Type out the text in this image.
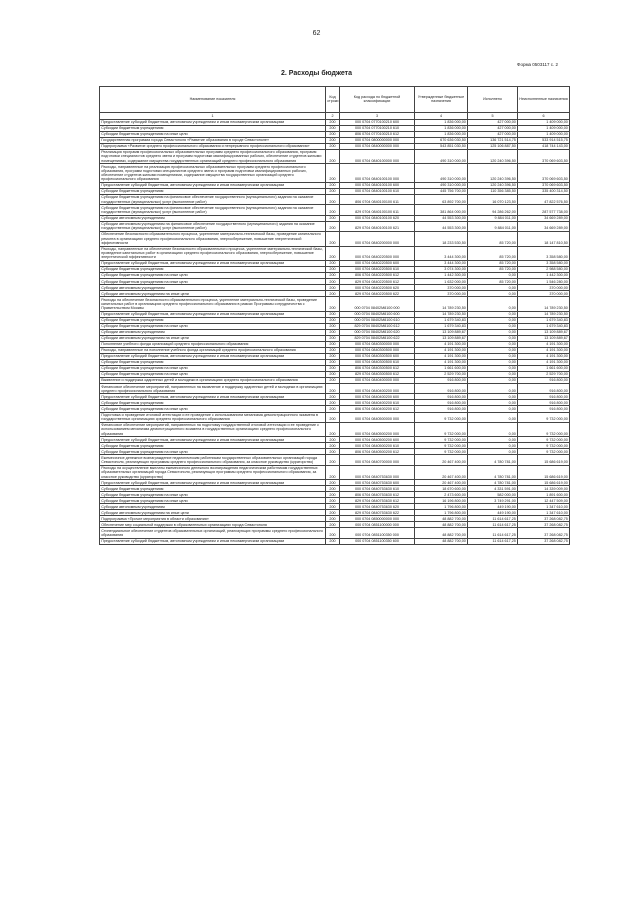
62
Форма 0503117 с. 2
2. Расходы бюджета
Наименование показателя	Код строки	Код расхода по бюджетной классификации	Утвержденные бюджетные назначения	Исполнено	Неисполненные назначения
1	2	3	4	5	6
Предоставление субсидий бюджетным, автономным учреждениям и иным некоммерческим организациям	200	000 0704 0770100210 600	1 836 000,00	427 000,00	1 409 000,00
Субсидии бюджетным учреждениям	200	000 0704 0770100210 610	1 836 000,00	427 000,00	1 409 000,00
Субсидии бюджетным учреждениям на иные цели	200	806 0704 0770100210 612	1 836 000,00	427 000,00	1 409 000,00
Государственная программа города Севастополя «Развитие образования в городе Севастополе»	200	000 0704 0800000000 000	670 636 030,50	136 721 514,75	533 914 515,75
Подпрограмма «Развитие среднего профессионального образования и непрерывного профессионального образования»	200	000 0704 0840000000 000	543 851 030,50	125 106 887,50	418 744 143,00
Реализация программ профессиональных образовательных программ среднего профессионального образования, программ подготовки специалистов среднего звена и программ подготовки квалифицированных рабочих, обеспечение студентов жилыми помещениями, содержание имущества государственных организаций среднего профессионального образования	200	000 0704 0840100000 000	490 310 000,00	120 240 396,50	370 069 603,50
Расходы, направленные на реализацию профессиональных образовательных программ среднего профессионального образования, программ подготовки специалистов среднего звена и программ подготовки квалифицированных рабочих, обеспечение студентов жилыми помещениями, содержание имущества государственных организаций среднего профессионального образования	200	000 0704 0840100100 000	490 310 000,00	120 240 396,50	370 069 603,50
Предоставление субсидий бюджетным, автономным учреждениям и иным некоммерческим организациям	200	000 0704 0840100100 600	490 310 000,00	120 240 396,50	370 069 603,50
Субсидии бюджетным учреждениям	200	000 0704 0840100100 610	445 756 700,00	110 356 385,50	335 400 314,50
Субсидии бюджетным учреждениям на финансовое обеспечение государственного (муниципального) задания на оказание государственных (муниципальных) услуг (выполнение работ)	200	806 0704 0840100100 611	63 892 700,00	16 070 123,50	47 822 576,50
Субсидии бюджетным учреждениям на финансовое обеспечение государственного (муниципального) задания на оказание государственных (муниципальных) услуг (выполнение работ)	200	829 0704 0840100100 611	381 864 000,00	94 286 262,00	287 577 738,00
Субсидии автономным учреждениям	200	000 0704 0840100100 620	44 553 300,00	9 884 011,00	34 669 289,00
Субсидии автономным учреждениям на финансовое обеспечение государственного (муниципального) задания на оказание государственных (муниципальных) услуг (выполнение работ)	200	829 0704 0840100100 621	44 553 300,00	9 884 011,00	34 669 289,00
Обеспечение безопасности образовательного процесса, укрепление материально-технической базы, проведение капитального ремонта в организациях среднего профессионального образования, энергосбережение, повышение энергетической эффективности	200	000 0704 0840200000 000	18 233 530,50	85 720,00	18 147 810,50
Расходы, направленные на обеспечение безопасности образовательного процесса, укрепление материально-технической базы, проведение капитальных работ в организациях среднего профессионального образования, энергосбережение, повышение энергетической эффективности	200	000 0704 0840220500 000	3 444 300,00	85 720,00	3 358 580,00
Предоставление субсидий бюджетным, автономным учреждениям и иным некоммерческим организациям	200	000 0704 0840220500 600	3 444 300,00	85 720,00	3 358 580,00
Субсидии бюджетным учреждениям	200	000 0704 0840220500 610	3 074 300,00	85 720,00	2 988 580,00
Субсидии бюджетным учреждениям на иные цели	200	806 0704 0840220500 612	1 442 300,00	0,00	1 442 300,00
Субсидии бюджетным учреждениям на иные цели	200	829 0704 0840220500 612	1 632 000,00	85 720,00	1 546 280,00
Субсидии автономным учреждениям	200	000 0704 0840220500 620	370 000,00	0,00	370 000,00
Субсидии автономным учреждениям на иные цели	200	829 0704 0840220500 622	370 000,00	0,00	370 000,00
Расходы на обеспечение безопасности образовательного процесса, укрепление материально-технической базы, проведение капитальных работ в организациях среднего профессионального образования в рамках Программы сотрудничества с Правительством Москвы	200	000 0704 08402М8100 000	14 789 230,50	0,00	14 789 230,50
Предоставление субсидий бюджетным, автономным учреждениям и иным некоммерческим организациям	200	000 0704 08402М8100 600	14 789 230,50	0,00	14 789 230,50
Субсидии бюджетным учреждениям	200	000 0704 08402М8100 610	1 679 340,83	0,00	1 679 340,83
Субсидии бюджетным учреждениям на иные цели	200	829 0704 08402М8100 612	1 679 340,83	0,00	1 679 340,83
Субсидии автономным учреждениям	200	000 0704 08402М8100 620	13 109 889,67	0,00	13 109 889,67
Субсидии автономным учреждениям на иные цели	200	829 0704 08402М8100 622	13 109 889,67	0,00	13 109 889,67
Пополнение учебного фонда организаций среднего профессионального образования	200	000 0704 0840300000 000	4 191 300,00	0,00	4 191 300,00
Расходы, направленные на пополнение учебного фонда организаций среднего профессионального образования	200	000 0704 0840300500 000	4 191 300,00	0,00	4 191 300,00
Предоставление субсидий бюджетным, автономным учреждениям и иным некоммерческим организациям	200	000 0704 0840300500 600	4 191 300,00	0,00	4 191 300,00
Субсидии бюджетным учреждениям	200	000 0704 0840300500 610	4 191 300,00	0,00	4 191 300,00
Субсидии бюджетным учреждениям на иные цели	200	806 0704 0840300500 612	1 661 600,00	0,00	1 661 600,00
Субсидии бюджетным учреждениям на иные цели	200	829 0704 0840300500 612	2 529 700,00	0,00	2 529 700,00
Выявление и поддержка одаренных детей и молодежи в организациях среднего профессионального образования	200	000 0704 0840400000 000	916 800,00	0,00	916 800,00
Финансовое обеспечение мероприятий, направленных на выявление и поддержку одаренных детей и молодежи в организациях среднего профессионального образования	200	000 0704 0840400200 000	916 800,00	0,00	916 800,00
Предоставление субсидий бюджетным, автономным учреждениям и иным некоммерческим организациям	200	000 0704 0840400200 600	916 800,00	0,00	916 800,00
Субсидии бюджетным учреждениям	200	000 0704 0840400200 610	916 800,00	0,00	916 800,00
Субсидии бюджетным учреждениям на иные цели	200	806 0704 0840400200 612	916 800,00	0,00	916 800,00
Подготовка и проведение итоговой аттестации и ее проведение с использованием механизма демонстрационного экзамена в государственных организациях среднего профессионального образования	200	000 0704 0840500000 000	9 732 000,00	0,00	9 732 000,00
Финансовое обеспечение мероприятий, направленных на подготовку государственной итоговой аттестации и ее проведение с использованием механизма демонстрационного экзамена в государственных организациях среднего профессионального образования	200	000 0704 0840500200 000	9 732 000,00	0,00	9 732 000,00
Предоставление субсидий бюджетным, автономным учреждениям и иным некоммерческим организациям	200	000 0704 0840500200 600	9 732 000,00	0,00	9 732 000,00
Субсидии бюджетным учреждениям	200	000 0704 0840500200 610	9 732 000,00	0,00	9 732 000,00
Субсидии бюджетным учреждениям на иные цели	200	806 0704 0840500200 612	9 732 000,00	0,00	9 732 000,00
Ежемесячное денежное вознаграждение педагогическим работникам государственных образовательных организаций города Севастополя, реализующих программы среднего профессионального образования, за классное руководство (кураторство)	200	000 0704 0840700000 000	20 467 400,00	4 780 781,00	15 686 619,00
Расходы на осуществление выплаты ежемесячного денежного вознаграждения педагогическим работникам государственных образовательных организаций города Севастополя, реализующих программы среднего профессионального образования, за классное руководство (кураторство)	200	000 0704 0840753630 000	20 467 400,00	4 780 781,00	15 686 619,00
Предоставление субсидий бюджетным, автономным учреждениям и иным некоммерческим организациям	200	000 0704 0840753630 600	20 467 400,00	4 780 781,00	15 686 619,00
Субсидии бюджетным учреждениям	200	000 0704 0840753630 610	18 670 600,00	4 331 591,00	14 339 009,00
Субсидии бюджетным учреждениям на иные цели	200	806 0704 0840753630 612	2 473 600,00	582 000,00	1 891 600,00
Субсидии бюджетным учреждениям на иные цели	200	829 0704 0840753630 612	16 196 800,00	3 749 291,00	12 447 509,00
Субсидии автономным учреждениям	200	000 0704 0840753630 620	1 796 800,00	449 190,00	1 347 610,00
Субсидии автономным учреждениям на иные цели	200	829 0704 0840753630 622	1 796 800,00	449 190,00	1 347 610,00
Подпрограмма «Прочие мероприятия в области образования»	200	000 0704 0850000000 000	48 882 700,00	11 614 617,25	37 268 082,75
Обеспечение мер социальной поддержки в образовательных организациях города Севастополя	200	000 0704 0851100000 000	48 882 700,00	11 614 617,25	37 268 082,75
Стипендиальное обеспечение студентов образовательных организаций, реализующих программы среднего профессионального образования	200	000 0704 0851100350 000	48 882 700,00	11 614 617,25	37 268 082,75
Предоставление субсидий бюджетным, автономным учреждениям и иным некоммерческим организациям	200	000 0704 0851100350 600	48 882 700,00	11 614 617,25	37 268 082,75
